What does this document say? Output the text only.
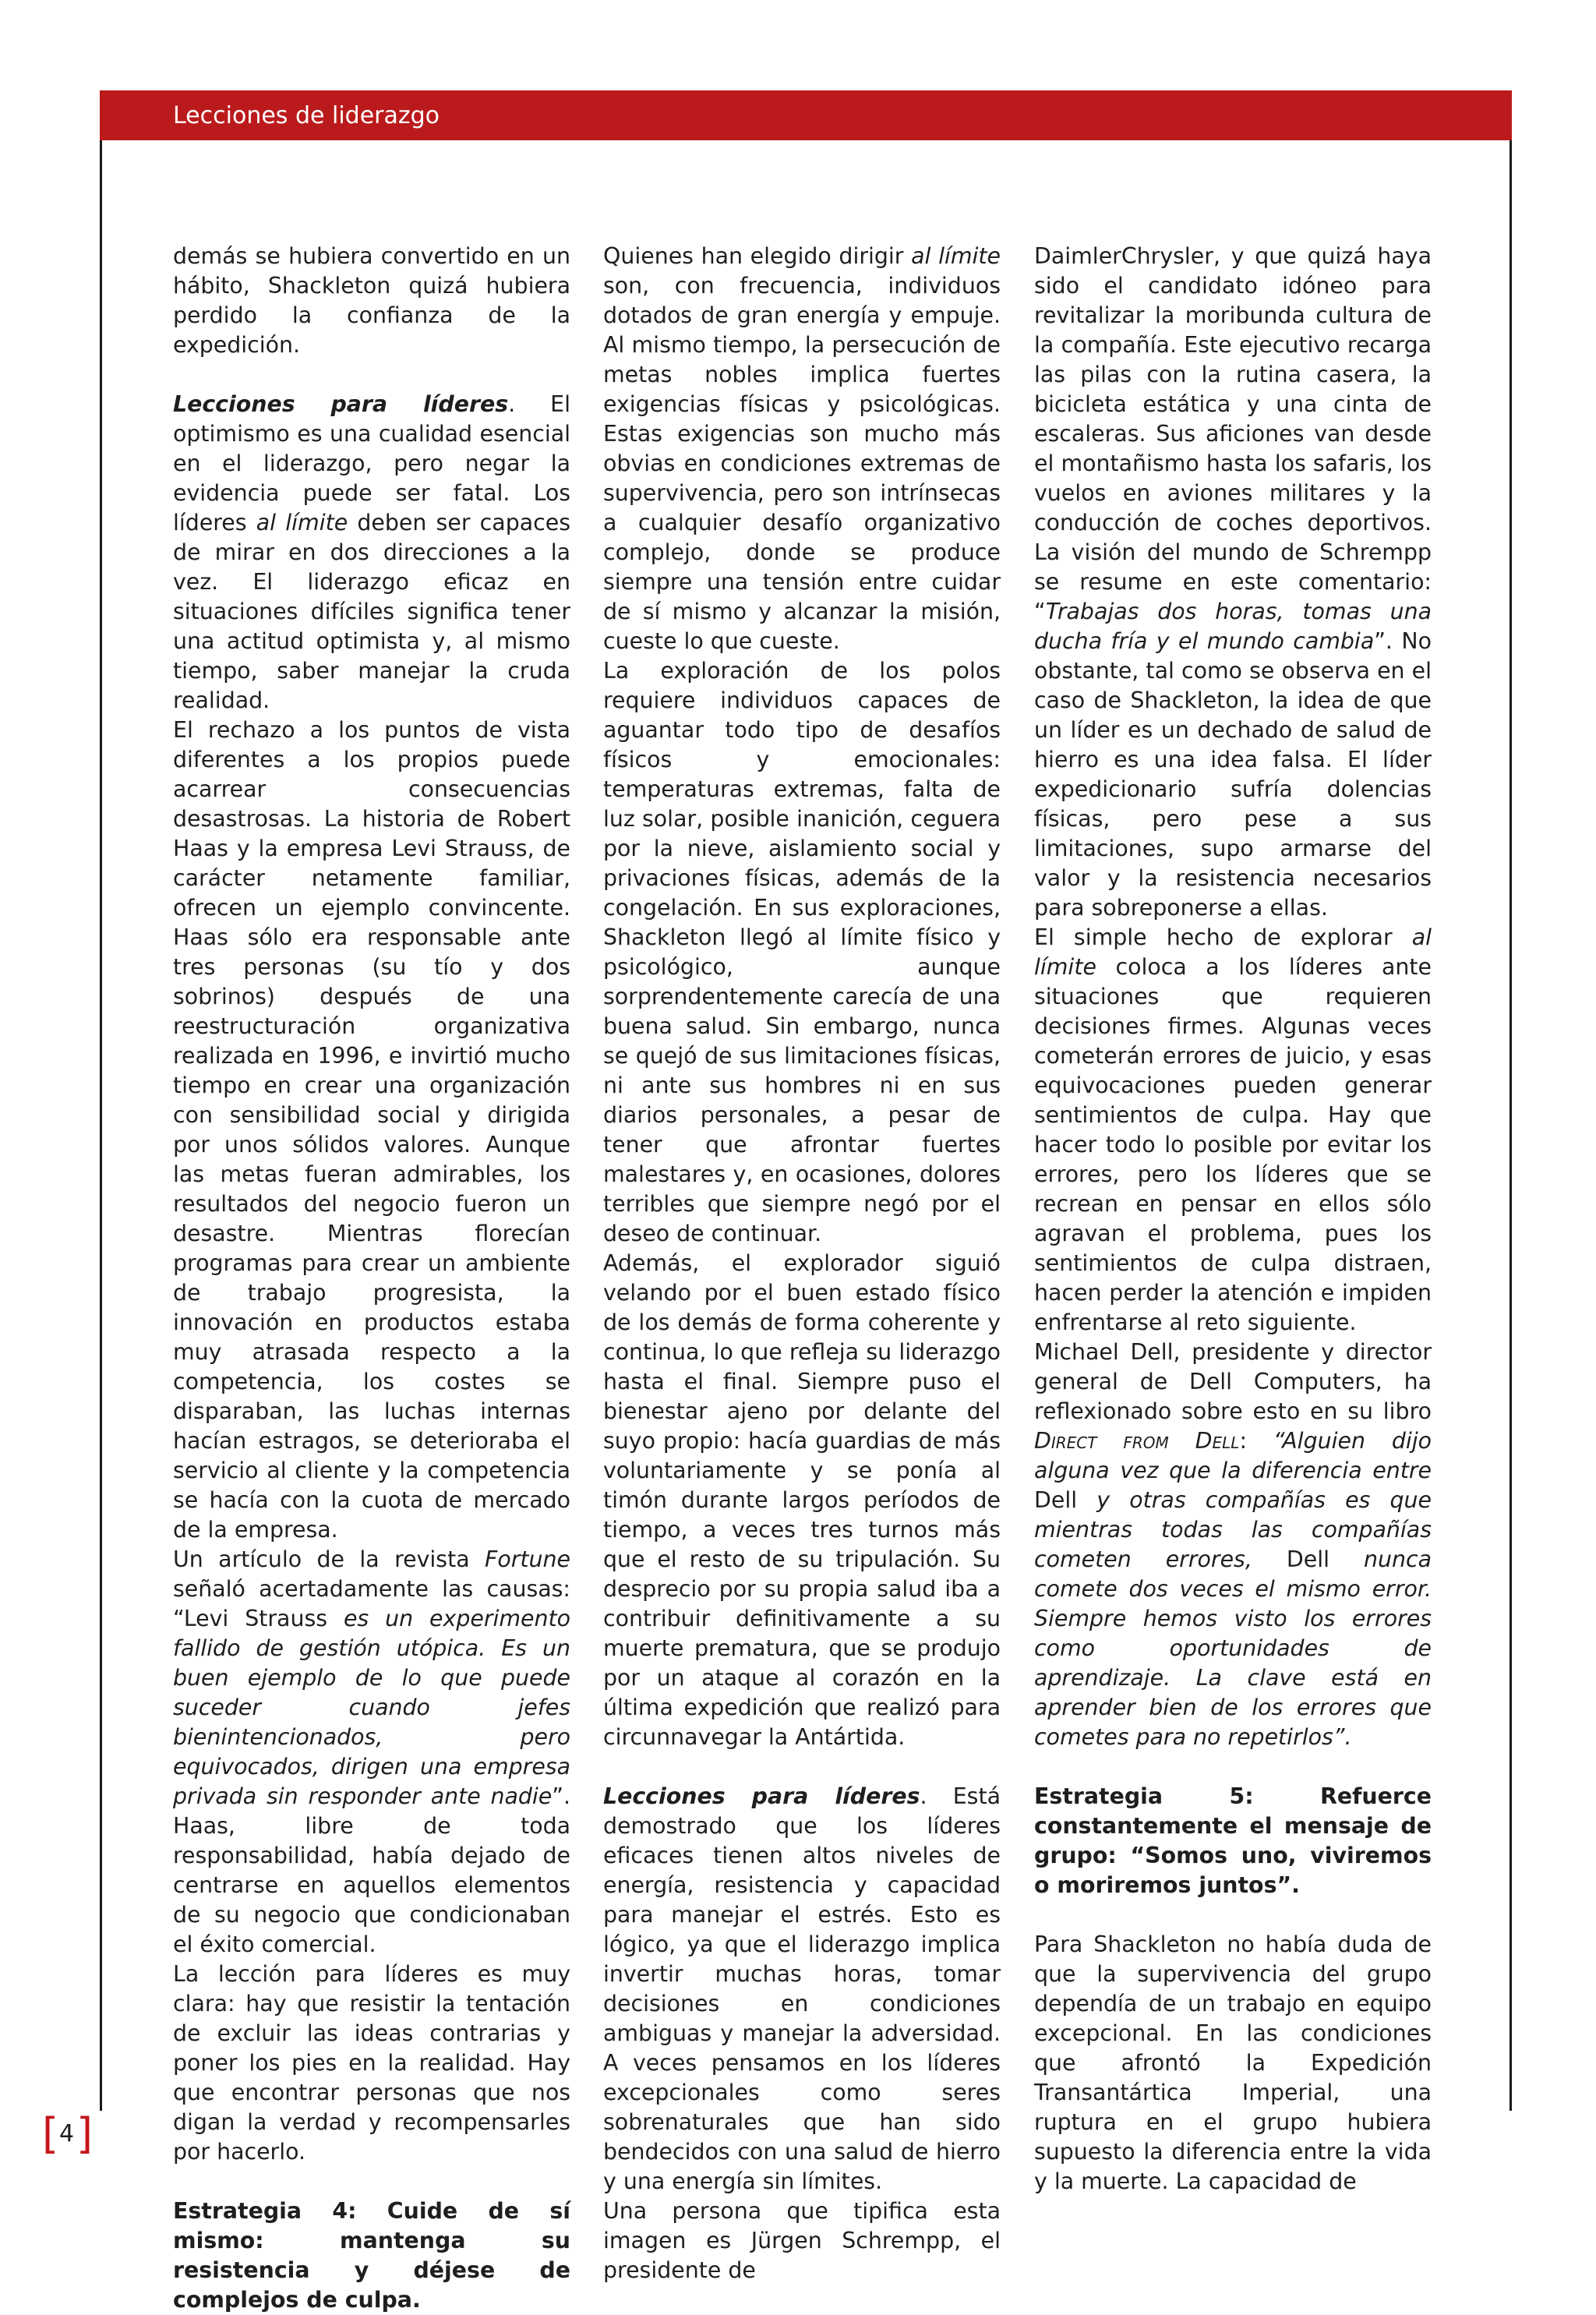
Lecciones de liderazgo

demás se hubiera convertido en un hábito, Shackleton quizá hubiera perdido la confianza de la expedición.

Lecciones para líderes. El optimismo es una cualidad esencial en el liderazgo, pero negar la evidencia puede ser fatal. Los líderes al límite deben ser capaces de mirar en dos direcciones a la vez. El liderazgo eficaz en situaciones difíciles significa tener una actitud optimista y, al mismo tiempo, saber manejar la cruda realidad.

El rechazo a los puntos de vista diferentes a los propios puede acarrear consecuencias desastrosas. La historia de Robert Haas y la empresa Levi Strauss, de carácter netamente familiar, ofrecen un ejemplo convincente. Haas sólo era responsable ante tres personas (su tío y dos sobrinos) después de una reestructuración organizativa realizada en 1996, e invirtió mucho tiempo en crear una organización con sensibilidad social y dirigida por unos sólidos valores. Aunque las metas fueran admirables, los resultados del negocio fueron un desastre. Mientras florecían programas para crear un ambiente de trabajo progresista, la innovación en productos estaba muy atrasada respecto a la competencia, los costes se disparaban, las luchas internas hacían estragos, se deterioraba el servicio al cliente y la competencia se hacía con la cuota de mercado de la empresa.

Un artículo de la revista Fortune señaló acertadamente las causas: “Levi Strauss es un experimento fallido de gestión utópica. Es un buen ejemplo de lo que puede suceder cuando jefes bienintencionados, pero equivocados, dirigen una empresa privada sin responder ante nadie”. Haas, libre de toda responsabilidad, había dejado de centrarse en aquellos elementos de su negocio que condicionaban el éxito comercial.

La lección para líderes es muy clara: hay que resistir la tentación de excluir las ideas contrarias y poner los pies en la realidad. Hay que encontrar personas que nos digan la verdad y recompensarles por hacerlo.

Estrategia 4: Cuide de sí mismo: mantenga su resistencia y déjese de complejos de culpa.

Quienes han elegido dirigir al límite son, con frecuencia, individuos dotados de gran energía y empuje. Al mismo tiempo, la persecución de metas nobles implica fuertes exigencias físicas y psicológicas. Estas exigencias son mucho más obvias en condiciones extremas de supervivencia, pero son intrínsecas a cualquier desafío organizativo complejo, donde se produce siempre una tensión entre cuidar de sí mismo y alcanzar la misión, cueste lo que cueste.

La exploración de los polos requiere individuos capaces de aguantar todo tipo de desafíos físicos y emocionales: temperaturas extremas, falta de luz solar, posible inanición, ceguera por la nieve, aislamiento social y privaciones físicas, además de la congelación. En sus exploraciones, Shackleton llegó al límite físico y psicológico, aunque sorprendentemente carecía de una buena salud. Sin embargo, nunca se quejó de sus limitaciones físicas, ni ante sus hombres ni en sus diarios personales, a pesar de tener que afrontar fuertes malestares y, en ocasiones, dolores terribles que siempre negó por el deseo de continuar.

Además, el explorador siguió velando por el buen estado físico de los demás de forma coherente y continua, lo que refleja su liderazgo hasta el final. Siempre puso el bienestar ajeno por delante del suyo propio: hacía guardias de más voluntariamente y se ponía al timón durante largos períodos de tiempo, a veces tres turnos más que el resto de su tripulación. Su desprecio por su propia salud iba a contribuir definitivamente a su muerte prematura, que se produjo por un ataque al corazón en la última expedición que realizó para circunnavegar la Antártida.

Lecciones para líderes. Está demostrado que los líderes eficaces tienen altos niveles de energía, resistencia y capacidad para manejar el estrés. Esto es lógico, ya que el liderazgo implica invertir muchas horas, tomar decisiones en condiciones ambiguas y manejar la adversidad. A veces pensamos en los líderes excepcionales como seres sobrenaturales que han sido bendecidos con una salud de hierro y una energía sin límites.

Una persona que tipifica esta imagen es Jürgen Schrempp, el presidente de

DaimlerChrysler, y que quizá haya sido el candidato idóneo para revitalizar la moribunda cultura de la compañía. Este ejecutivo recarga las pilas con la rutina casera, la bicicleta estática y una cinta de escaleras. Sus aficiones van desde el montañismo hasta los safaris, los vuelos en aviones militares y la conducción de coches deportivos. La visión del mundo de Schrempp se resume en este comentario: “Trabajas dos horas, tomas una ducha fría y el mundo cambia”. No obstante, tal como se observa en el caso de Shackleton, la idea de que un líder es un dechado de salud de hierro es una idea falsa. El líder expedicionario sufría dolencias físicas, pero pese a sus limitaciones, supo armarse del valor y la resistencia necesarios para sobreponerse a ellas.

El simple hecho de explorar al límite coloca a los líderes ante situaciones que requieren decisiones firmes. Algunas veces cometerán errores de juicio, y esas equivocaciones pueden generar sentimientos de culpa. Hay que hacer todo lo posible por evitar los errores, pero los líderes que se recrean en pensar en ellos sólo agravan el problema, pues los sentimientos de culpa distraen, hacen perder la atención e impiden enfrentarse al reto siguiente.

Michael Dell, presidente y director general de Dell Computers, ha reflexionado sobre esto en su libro Direct from Dell: “Alguien dijo alguna vez que la diferencia entre Dell y otras compañías es que mientras todas las compañías cometen errores, Dell nunca comete dos veces el mismo error. Siempre hemos visto los errores como oportunidades de aprendizaje. La clave está en aprender bien de los errores que cometes para no repetirlos”.

Estrategia 5: Refuerce constantemente el mensaje de grupo: “Somos uno, viviremos o moriremos juntos”.

Para Shackleton no había duda de que la supervivencia del grupo dependía de un trabajo en equipo excepcional. En las condiciones que afrontó la Expedición Transantártica Imperial, una ruptura en el grupo hubiera supuesto la diferencia entre la vida y la muerte. La capacidad de

[ 4 ]
